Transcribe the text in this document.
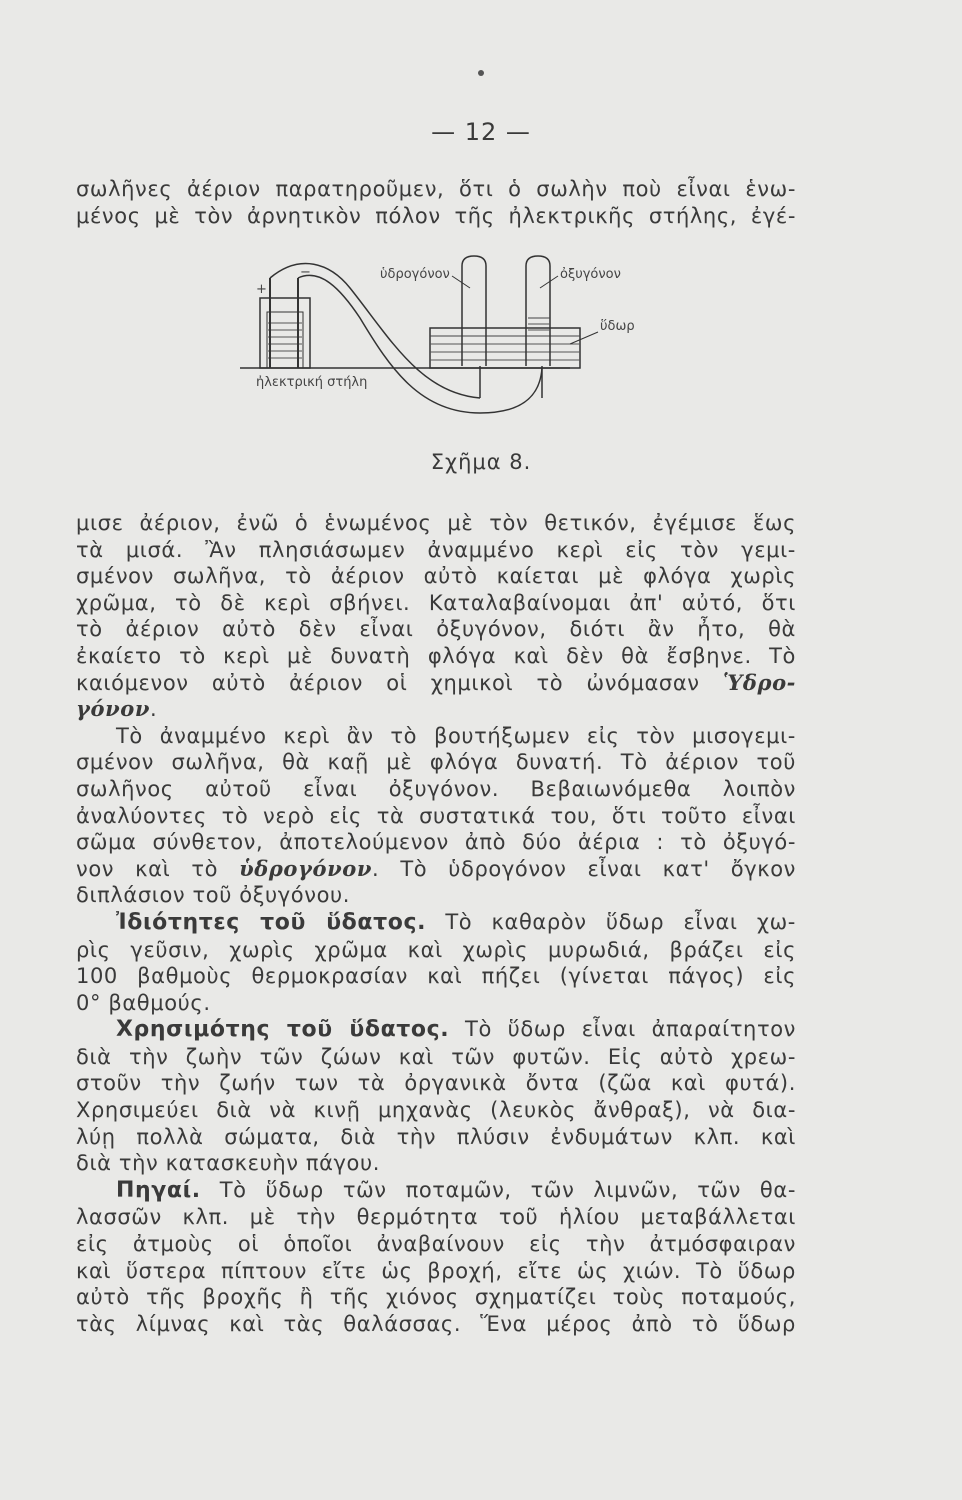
— 12 —
σωλῆνες ἀέριον παρατηροῦμεν, ὅτι ὁ σωλὴν ποὺ εἶναι ἑνω-
μένος μὲ τὸν ἀρνητικὸν πόλον τῆς ἠλεκτρικῆς στήλης, ἐγέ-
+
−	ὑδρογόνον	ὀξυγόνον
ὕδωρ
ἠλεκτρική στήλη
Σχῆμα 8.
μισε ἀέριον, ἐνῶ ὁ ἑνωμένος μὲ τὸν θετικόν, ἐγέμισε ἕως
τὰ μισά. Ἂν πλησιάσωμεν ἀναμμένο κερὶ εἰς τὸν γεμι-
σμένον σωλῆνα, τὸ ἀέριον αὐτὸ καίεται μὲ φλόγα χωρὶς
χρῶμα, τὸ δὲ κερὶ σβήνει. Καταλαβαίνομαι ἀπ' αὐτό, ὅτι
τὸ ἀέριον αὐτὸ δὲν εἶναι ὀξυγόνον, διότι ἂν ἦτο, θὰ
ἐκαίετο τὸ κερὶ μὲ δυνατὴ φλόγα καὶ δὲν θὰ ἔσβηνε. Τὸ
καιόμενον αὐτὸ ἀέριον οἱ χημικοὶ τὸ ὠνόμασαν Ὑδρο-
γόνον.
Τὸ ἀναμμένο κερὶ ἂν τὸ βουτήξωμεν εἰς τὸν μισογεμι-
σμένον σωλῆνα, θὰ καῇ μὲ φλόγα δυνατή. Τὸ ἀέριον τοῦ
σωλῆνος αὐτοῦ εἶναι ὀξυγόνον. Βεβαιωνόμεθα λοιπὸν
ἀναλύοντες τὸ νερὸ εἰς τὰ συστατικά του, ὅτι τοῦτο εἶναι
σῶμα σύνθετον, ἀποτελούμενον ἀπὸ δύο ἀέρια : τὸ ὀξυγό-
νον καὶ τὸ ὑδρογόνον. Τὸ ὑδρογόνον εἶναι κατ' ὄγκον
διπλάσιον τοῦ ὀξυγόνου.
Ἰδιότητες τοῦ ὕδατος. Τὸ καθαρὸν ὕδωρ εἶναι χω-
ρὶς γεῦσιν, χωρὶς χρῶμα καὶ χωρὶς μυρωδιά, βράζει εἰς
100 βαθμοὺς θερμοκρασίαν καὶ πήζει (γίνεται πάγος) εἰς
0° βαθμούς.
Χρησιμότης τοῦ ὕδατος. Τὸ ὕδωρ εἶναι ἀπαραίτητον
διὰ τὴν ζωὴν τῶν ζώων καὶ τῶν φυτῶν. Εἰς αὐτὸ χρεω-
στοῦν τὴν ζωήν των τὰ ὀργανικὰ ὄντα (ζῶα καὶ φυτά).
Χρησιμεύει διὰ νὰ κινῇ μηχανὰς (λευκὸς ἄνθραξ), νὰ δια-
λύῃ πολλὰ σώματα, διὰ τὴν πλύσιν ἐνδυμάτων κλπ. καὶ
διὰ τὴν κατασκευὴν πάγου.
Πηγαί. Τὸ ὕδωρ τῶν ποταμῶν, τῶν λιμνῶν, τῶν θα-
λασσῶν κλπ. μὲ τὴν θερμότητα τοῦ ἡλίου μεταβάλλεται
εἰς ἀτμοὺς οἱ ὁποῖοι ἀναβαίνουν εἰς τὴν ἀτμόσφαιραν
καὶ ὕστερα πίπτουν εἴτε ὡς βροχή, εἴτε ὡς χιών. Τὸ ὕδωρ
αὐτὸ τῆς βροχῆς ἢ τῆς χιόνος σχηματίζει τοὺς ποταμούς,
τὰς λίμνας καὶ τὰς θαλάσσας. Ἕνα μέρος ἀπὸ τὸ ὕδωρ
